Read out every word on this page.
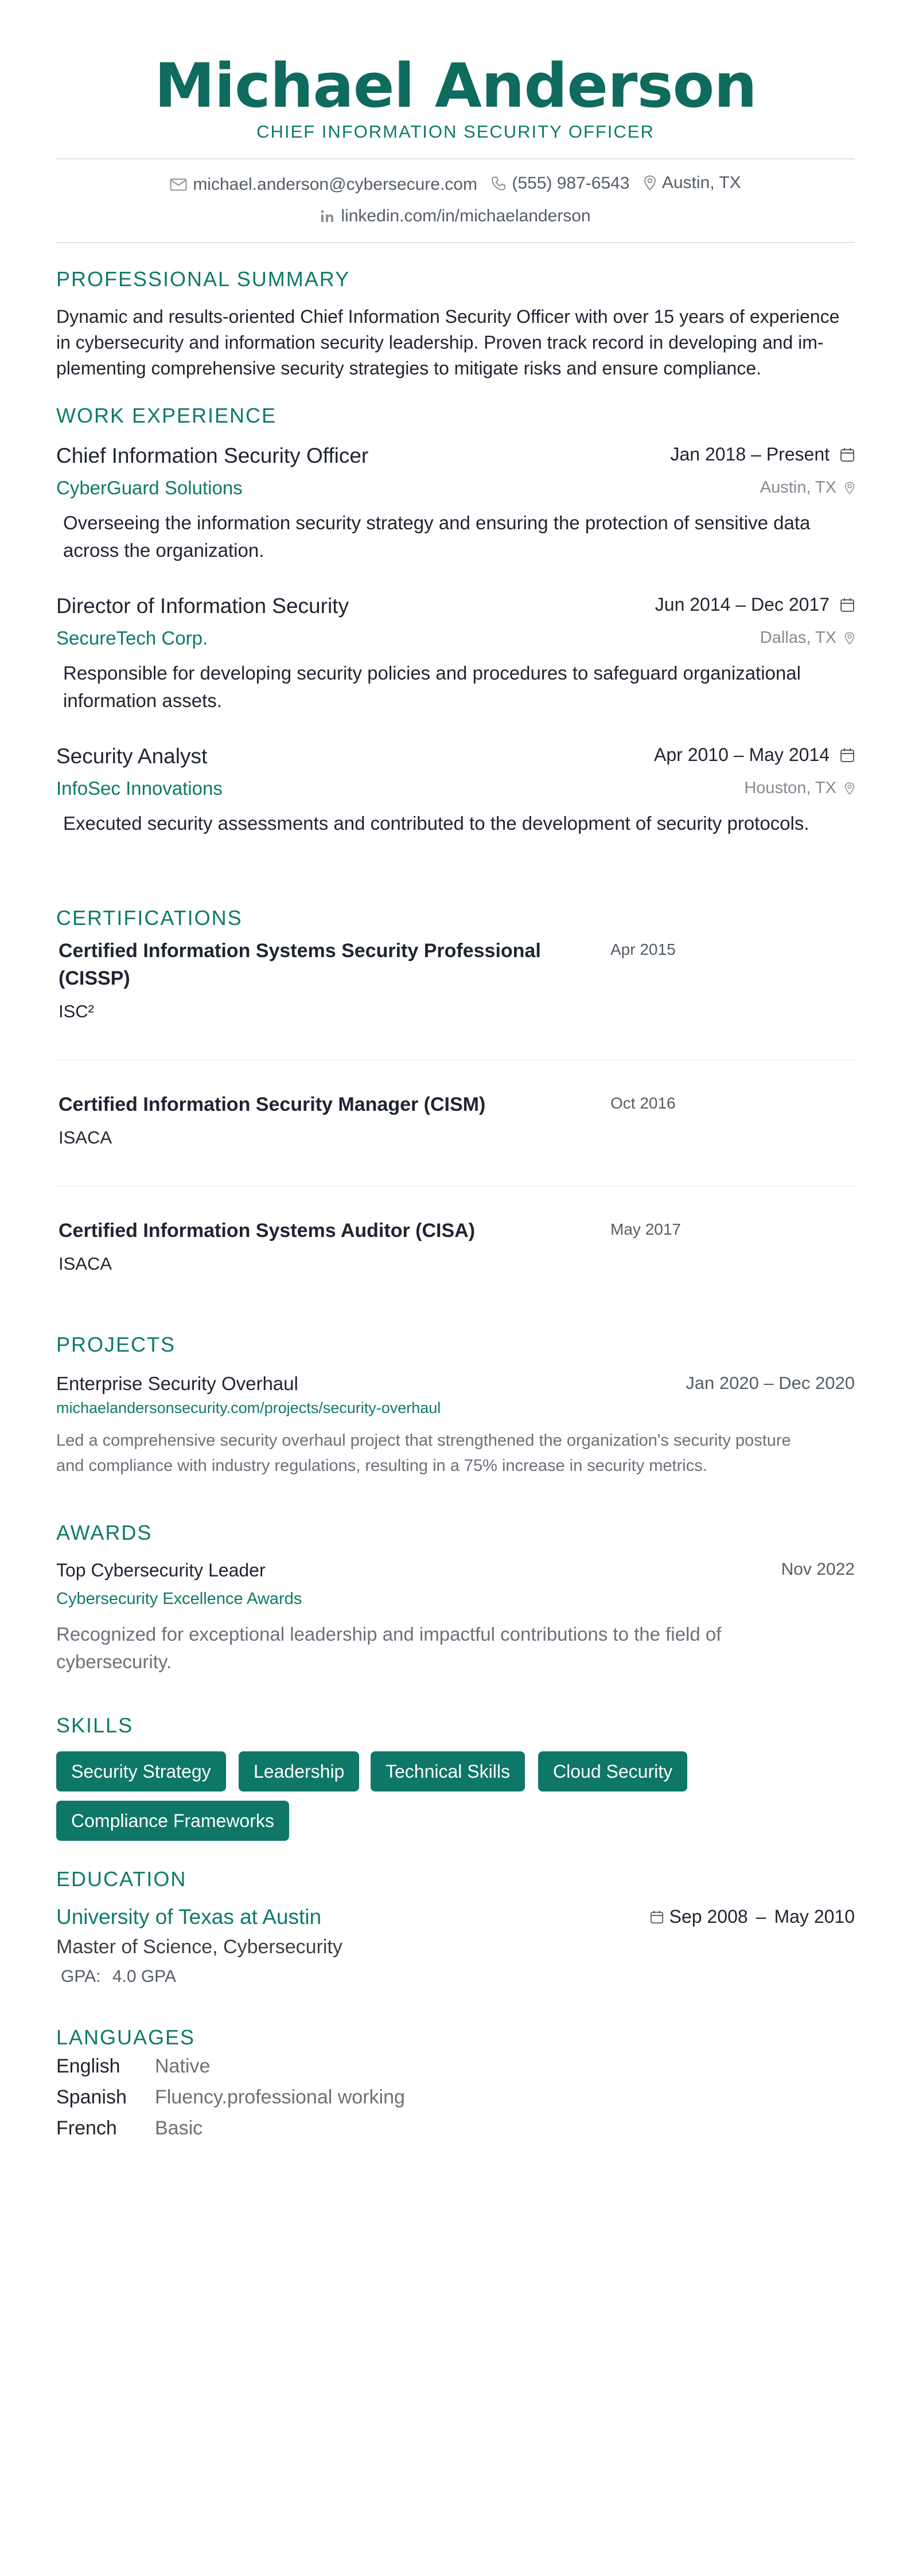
Michael Anderson
CHIEF INFORMATION SECURITY OFFICER
michael.anderson@cybersecure.com
(555) 987-6543
Austin, TX
linkedin.com/in/michaelanderson
PROFESSIONAL SUMMARY
Dynamic and results-oriented Chief Information Security Officer with over 15 years of experience
in cybersecurity and information security leadership. Proven track record in developing and im-
plementing comprehensive security strategies to mitigate risks and ensure compliance.
WORK EXPERIENCE
Chief Information Security Officer	Jan 2018 – Present
CyberGuard Solutions	Austin, TX
Overseeing the information security strategy and ensuring the protection of sensitive data
across the organization.
Director of Information Security	Jun 2014 – Dec 2017
SecureTech Corp.	Dallas, TX
Responsible for developing security policies and procedures to safeguard organizational
information assets.
Security Analyst	Apr 2010 – May 2014
InfoSec Innovations	Houston, TX
Executed security assessments and contributed to the development of security protocols.
CERTIFICATIONS
Certified Information Systems Security Professional
(CISSP)
Apr 2015
ISC²
Certified Information Security Manager (CISM)	Oct 2016
ISACA
Certified Information Systems Auditor (CISA)	May 2017
ISACA
PROJECTS
Enterprise Security Overhaul	Jan 2020 – Dec 2020
michaelandersonsecurity.com/projects/security-overhaul
Led a comprehensive security overhaul project that strengthened the organization's security posture
and compliance with industry regulations, resulting in a 75% increase in security metrics.
AWARDS
Top Cybersecurity Leader	Nov 2022
Cybersecurity Excellence Awards
Recognized for exceptional leadership and impactful contributions to the field of
cybersecurity.
SKILLS
Security Strategy	Leadership	Technical Skills	Cloud Security
Compliance Frameworks
EDUCATION
University of Texas at Austin	Sep 2008 – May 2010
Master of Science, Cybersecurity
GPA: 4.0 GPA
LANGUAGES
English Native
Spanish Fluency.professional working
French Basic
